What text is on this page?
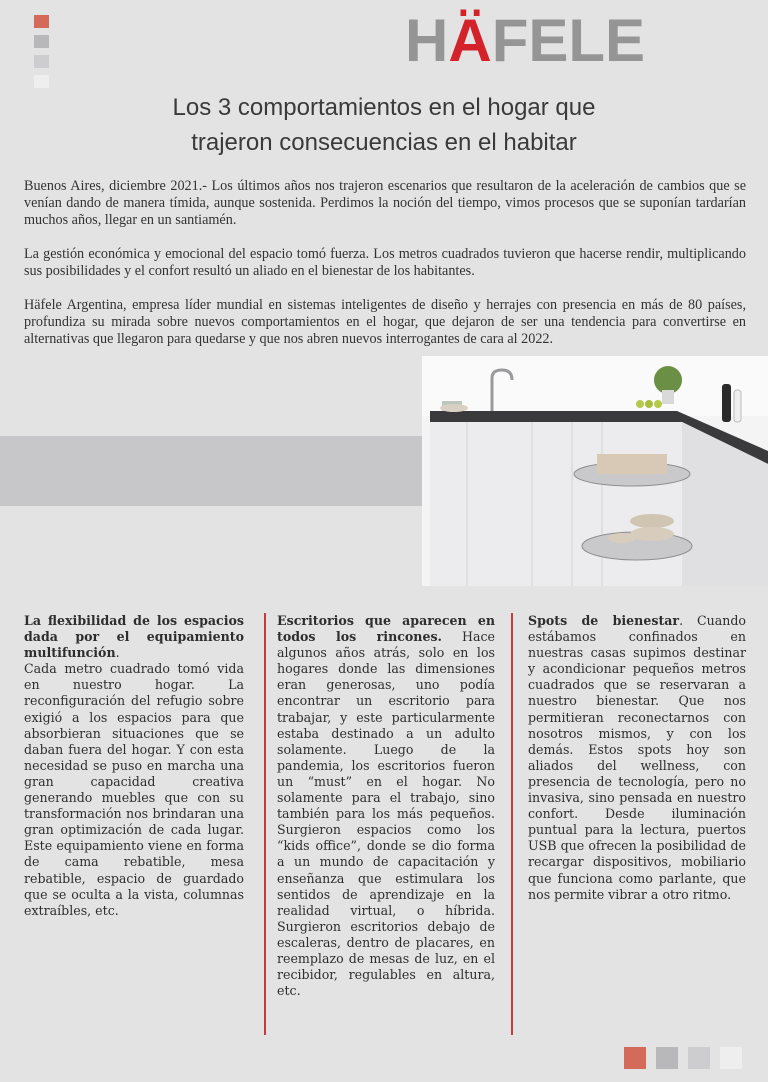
HÄFELE
Los 3 comportamientos en el hogar que
trajeron consecuencias en el habitar

Buenos Aires, diciembre 2021.- Los últimos años nos trajeron escenarios que resultaron de la aceleración de cambios que se venían dando de manera tímida, aunque sostenida. Perdimos la noción del tiempo, vimos procesos que se suponían tardarían muchos años, llegar en un santiamén.

La gestión económica y emocional del espacio tomó fuerza. Los metros cuadrados tuvieron que hacerse rendir, multiplicando sus posibilidades y el confort resultó un aliado en el bienestar de los habitantes.

Häfele Argentina, empresa líder mundial en sistemas inteligentes de diseño y herrajes con presencia en más de 80 países, profundiza su mirada sobre nuevos comportamientos en el hogar, que dejaron de ser una tendencia para convertirse en alternativas que llegaron para quedarse y que nos abren nuevos interrogantes de cara al 2022.

La flexibilidad de los espacios dada por el equipamiento multifunción.
Cada metro cuadrado tomó vida en nuestro hogar. La reconfiguración del refugio sobre exigió a los espacios para que absorbieran situaciones que se daban fuera del hogar. Y con esta necesidad se puso en marcha una gran capacidad creativa generando muebles que con su transformación nos brindaran una gran optimización de cada lugar. Este equipamiento viene en forma de cama rebatible, mesa rebatible, espacio de guardado que se oculta a la vista, columnas extraíbles, etc.
Escritorios que aparecen en todos los rincones. Hace algunos años atrás, solo en los hogares donde las dimensiones eran generosas, uno podía encontrar un escritorio para trabajar, y este particularmente estaba destinado a un adulto solamente. Luego de la pandemia, los escritorios fueron un “must” en el hogar. No solamente para el trabajo, sino también para los más pequeños. Surgieron espacios como los “kids office”, donde se dio forma a un mundo de capacitación y enseñanza que estimulara los sentidos de aprendizaje en la realidad virtual, o híbrida. Surgieron escritorios debajo de escaleras, dentro de placares, en reemplazo de mesas de luz, en el recibidor, regulables en altura, etc.
Spots de bienestar. Cuando estábamos confinados en nuestras casas supimos destinar y acondicionar pequeños metros cuadrados que se reservaran a nuestro bienestar. Que nos permitieran reconectarnos con nosotros mismos, y con los demás. Estos spots hoy son aliados del wellness, con presencia de tecnología, pero no invasiva, sino pensada en nuestro confort. Desde iluminación puntual para la lectura, puertos USB que ofrecen la posibilidad de recargar dispositivos, mobiliario que funciona como parlante, que nos permite vibrar a otro ritmo.
